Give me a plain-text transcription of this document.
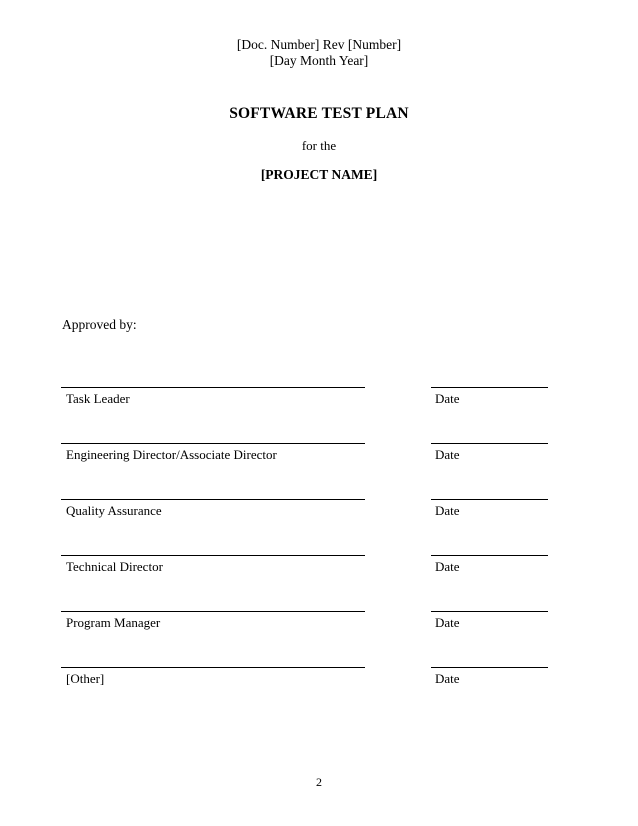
[Doc. Number] Rev [Number]
[Day Month Year]
SOFTWARE TEST PLAN
for the
[PROJECT NAME]
Approved by:
Task Leader	Date
Engineering Director/Associate Director	Date
Quality Assurance	Date
Technical Director	Date
Program Manager	Date
[Other]	Date
2
